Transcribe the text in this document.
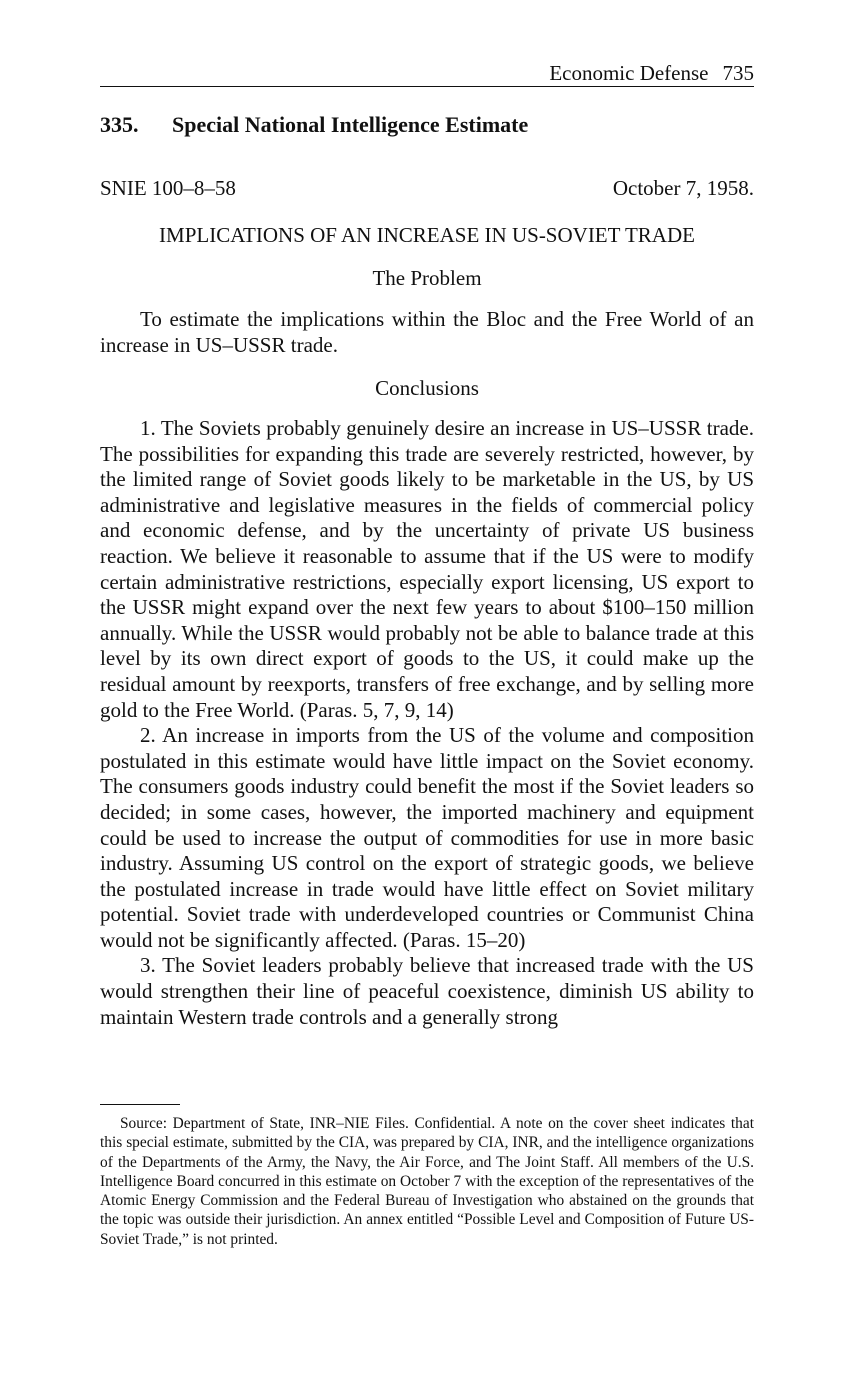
Economic Defense 735
335. Special National Intelligence Estimate
SNIE 100–8–58	October 7, 1958.
IMPLICATIONS OF AN INCREASE IN US-SOVIET TRADE
The Problem

To estimate the implications within the Bloc and the Free World of an increase in US–USSR trade.

Conclusions

1. The Soviets probably genuinely desire an increase in US–USSR trade. The possibilities for expanding this trade are severely restricted, however, by the limited range of Soviet goods likely to be marketable in the US, by US administrative and legislative measures in the fields of commercial policy and economic defense, and by the uncertainty of private US business reaction. We believe it reasonable to assume that if the US were to modify certain administrative restrictions, especially export licensing, US export to the USSR might expand over the next few years to about $100–150 million annually. While the USSR would probably not be able to balance trade at this level by its own direct export of goods to the US, it could make up the residual amount by reexports, transfers of free exchange, and by selling more gold to the Free World. (Paras. 5, 7, 9, 14)

2. An increase in imports from the US of the volume and composition postulated in this estimate would have little impact on the Soviet economy. The consumers goods industry could benefit the most if the Soviet leaders so decided; in some cases, however, the imported machinery and equipment could be used to increase the output of commodities for use in more basic industry. Assuming US control on the export of strategic goods, we believe the postulated increase in trade would have little effect on Soviet military potential. Soviet trade with underdeveloped countries or Communist China would not be significantly affected. (Paras. 15–20)

3. The Soviet leaders probably believe that increased trade with the US would strengthen their line of peaceful coexistence, diminish US ability to maintain Western trade controls and a generally strong

Source: Department of State, INR–NIE Files. Confidential. A note on the cover sheet indicates that this special estimate, submitted by the CIA, was prepared by CIA, INR, and the intelligence organizations of the Departments of the Army, the Navy, the Air Force, and The Joint Staff. All members of the U.S. Intelligence Board concurred in this estimate on October 7 with the exception of the representatives of the Atomic Energy Commission and the Federal Bureau of Investigation who abstained on the grounds that the topic was outside their jurisdiction. An annex entitled “Possible Level and Composition of Future US-Soviet Trade,” is not printed.
